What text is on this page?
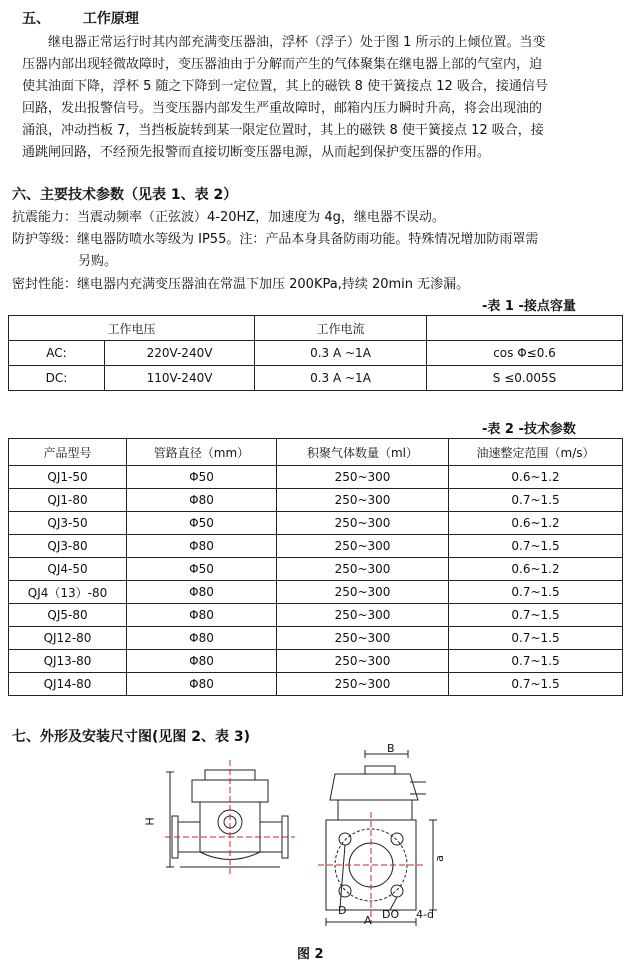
五、 工作原理
继电器正常运行时其内部充满变压器油，浮杯（浮子）处于图 1 所示的上倾位置。当变
压器内部出现轻微故障时，变压器油由于分解而产生的气体聚集在继电器上部的气室内，迫
使其油面下降，浮杯 5 随之下降到一定位置，其上的磁铁 8 使干簧接点 12 吸合，接通信号
回路，发出报警信号。当变压器内部发生严重故障时，邮箱内压力瞬时升高，将会出现油的
涌浪，冲动挡板 7，当挡板旋转到某一限定位置时，其上的磁铁 8 使干簧接点 12 吸合，接
通跳闸回路，不经预先报警而直接切断变压器电源，从而起到保护变压器的作用。
六、主要技术参数（见表 1、表 2）
抗震能力：当震动频率（正弦波）4-20HZ，加速度为 4g，继电器不误动。
防护等级：继电器防喷水等级为 IP55。注：产品本身具备防雨功能。特殊情况增加防雨罩需
另购。
密封性能：继电器内充满变压器油在常温下加压 200KPa,持续 20min 无渗漏。
-表 1 -接点容量
工作电压		工作电流	
AC:	220V-240V	0.3 A ~1A	cos Φ≤0.6
DC:	110V-240V	0.3 A ~1A	S ≤0.005S
-表 2 -技术参数
产品型号	管路直径（mm）	积聚气体数量（ml）	油速整定范围（m/s）
QJ1-50	Φ50	250~300	0.6~1.2
QJ1-80	Φ80	250~300	0.7~1.5
QJ3-50	Φ50	250~300	0.6~1.2
QJ3-80	Φ80	250~300	0.7~1.5
QJ4-50	Φ50	250~300	0.6~1.2
QJ4（13）-80	Φ80	250~300	0.7~1.5
QJ5-80	Φ80	250~300	0.7~1.5
QJ12-80	Φ80	250~300	0.7~1.5
QJ13-80	Φ80	250~300	0.7~1.5
QJ14-80	Φ80	250~300	0.7~1.5
七、外形及安装尺寸图(见图 2、表 3)
H
B
a
A
D	DO 4-d
图 2
